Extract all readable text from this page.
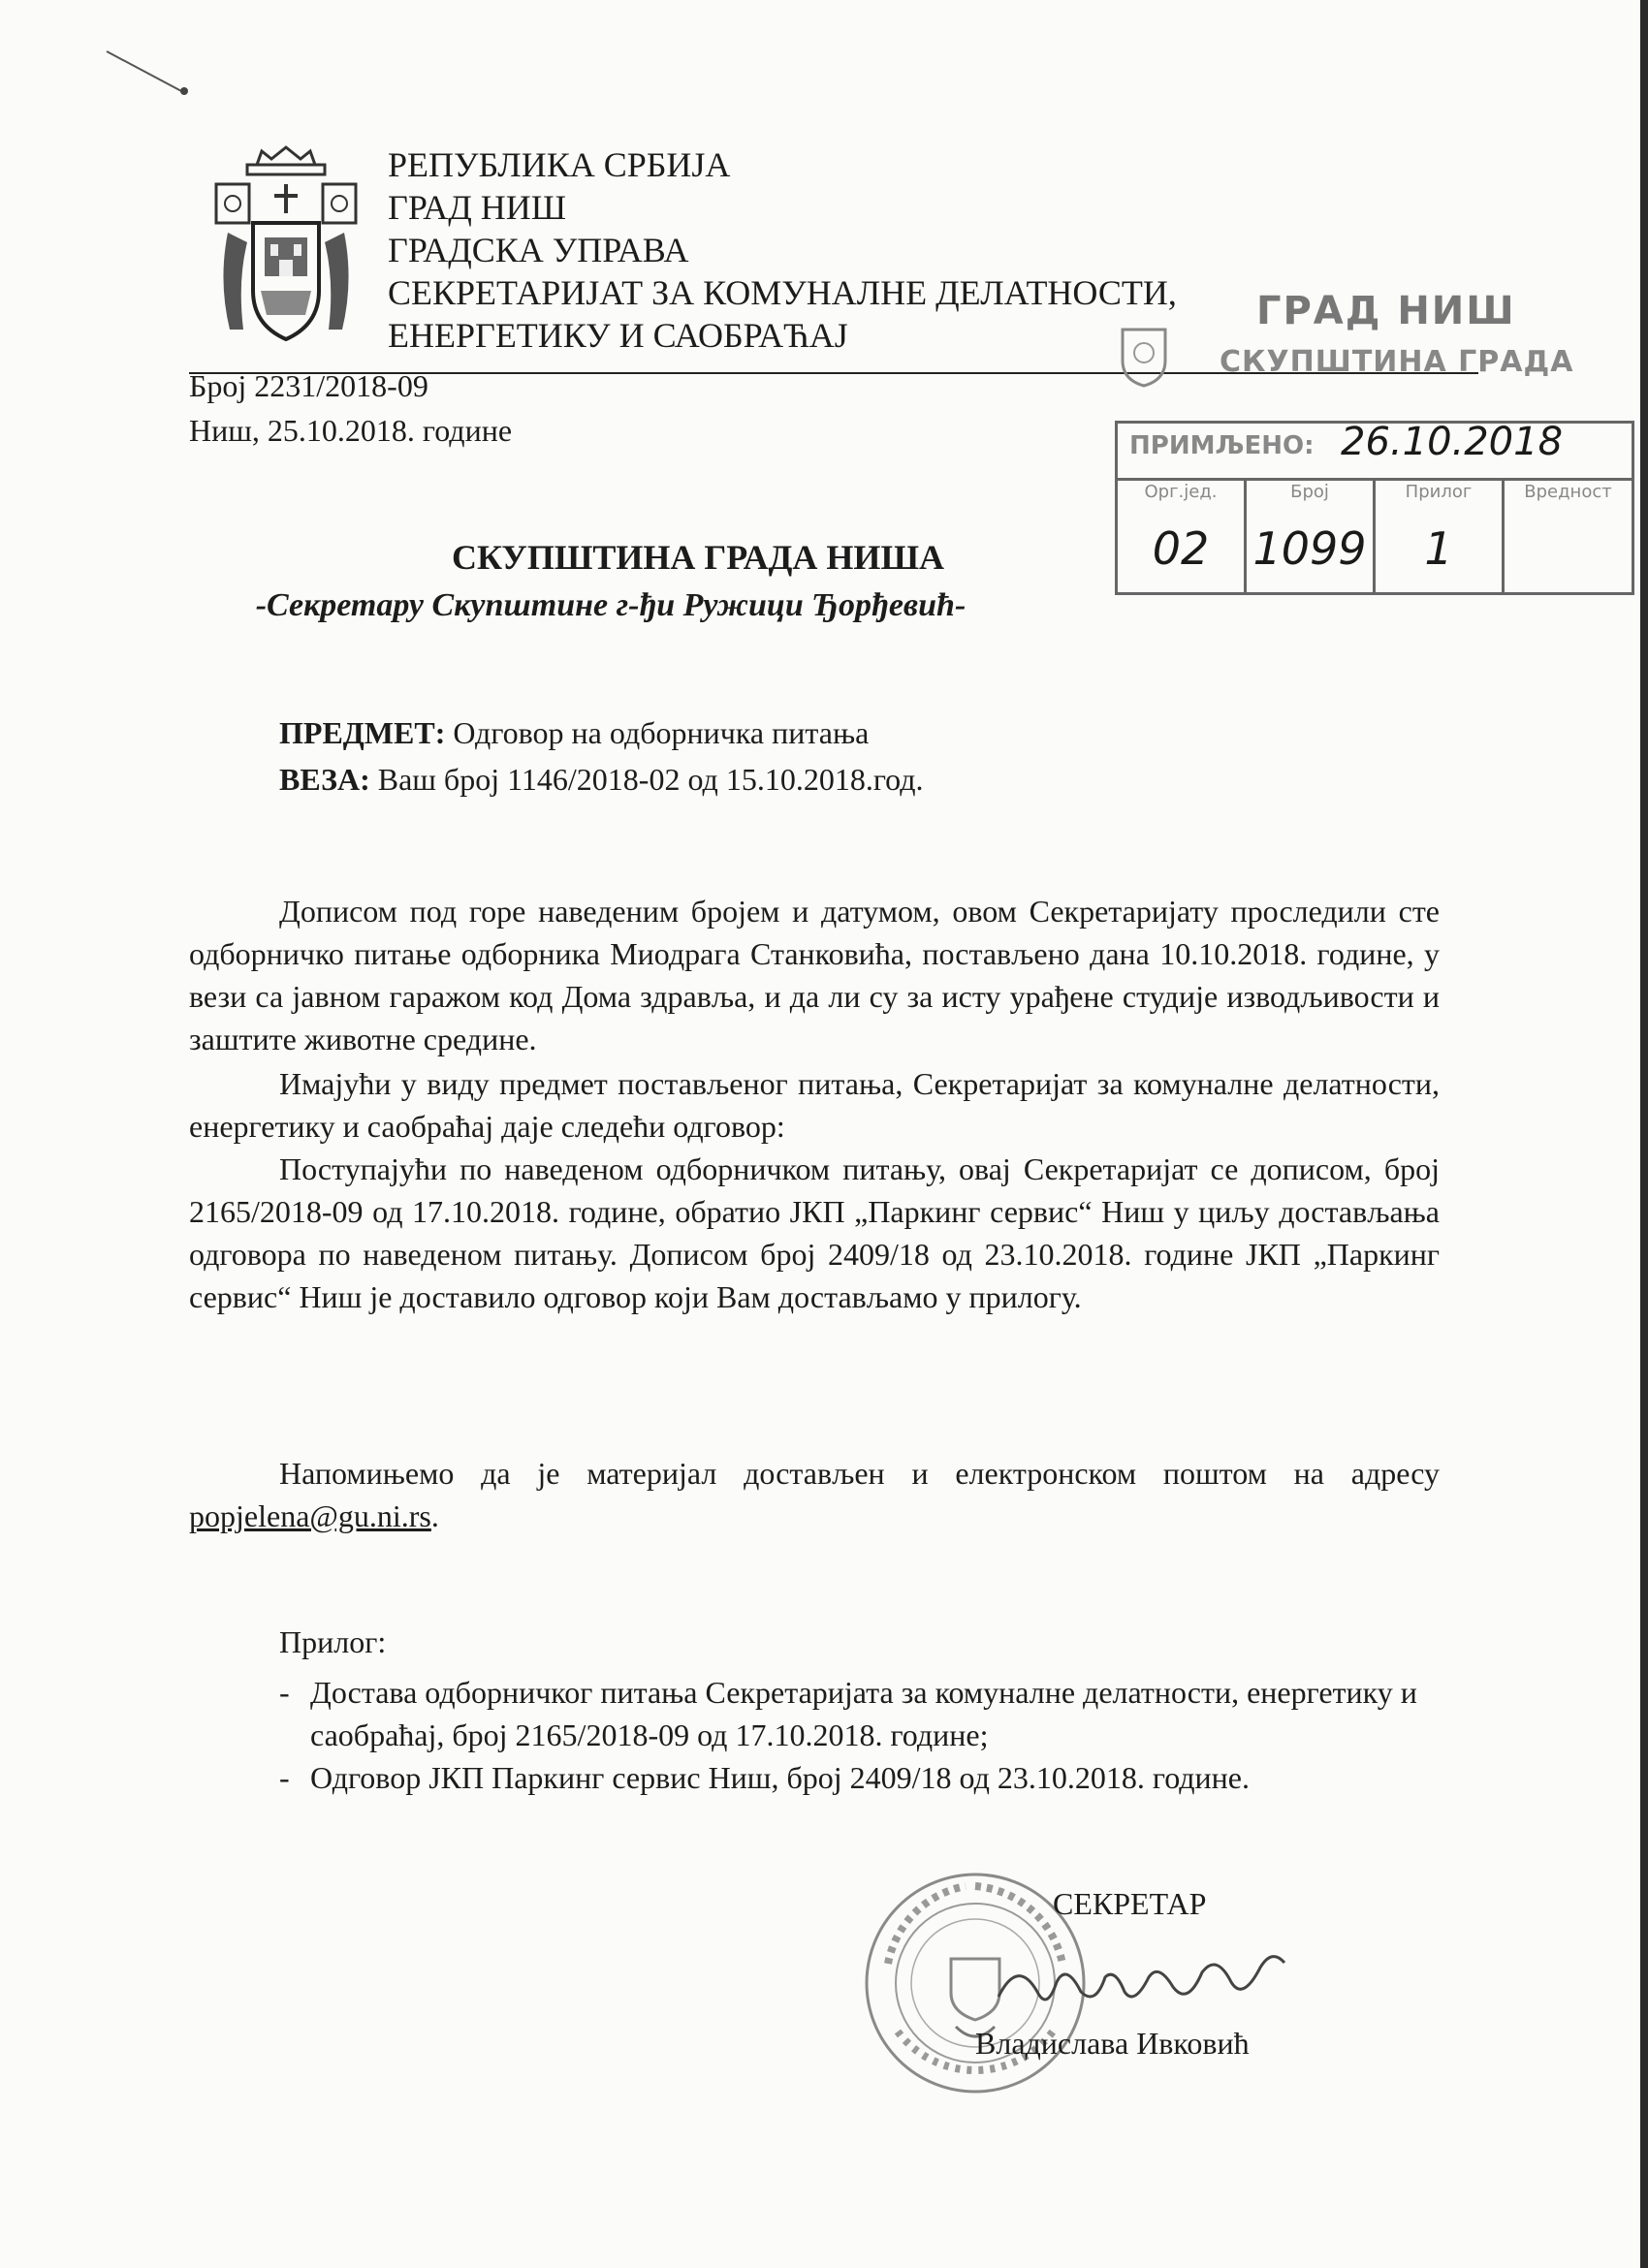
РЕПУБЛИКА СРБИЈА
ГРАД НИШ
ГРАДСКА УПРАВА
СЕКРЕТАРИЈАТ ЗА КОМУНАЛНЕ ДЕЛАТНОСТИ,
ЕНЕРГЕТИКУ И САОБРАЋАЈ
Број 2231/2018-09
Ниш, 25.10.2018. године
ГРАД НИШ
СКУПШТИНА ГРАДА
ПРИМЉЕНО: 26.10.2018
Орг.јед.
02
Број
1099
Прилог
1
Вредност
СКУПШТИНА ГРАДА НИША
-Секретару Скупштине г-ђи Ружици Ђорђевић-
ПРЕДМЕТ: Одговор на одборничка питања
ВЕЗА: Ваш број 1146/2018-02 од 15.10.2018.год.

Дописом под горе наведеним бројем и датумом, овом Секретаријату проследили сте одборничко питање одборника Миодрага Станковића, постављено дана 10.10.2018. године, у вези са јавном гаражом код Дома здравља, и да ли су за исту урађене студије изводљивости и заштите животне средине.

Имајући у виду предмет постављеног питања, Секретаријат за комуналне делатности, енергетику и саобраћај даје следећи одговор:

Поступајући по наведеном одборничком питању, овај Секретаријат се дописом, број 2165/2018-09 од 17.10.2018. године, обратио ЈКП „Паркинг сервис“ Ниш у циљу достављања одговора по наведеном питању. Дописом број 2409/18 од 23.10.2018. године ЈКП „Паркинг сервис“ Ниш је доставило одговор који Вам достављамо у прилогу.

Напомињемо да је материјал достављен и електронском поштом на адресу popjelena@gu.ni.rs.

Прилог:
- Достава одборничког питања Секретаријата за комуналне делатности, енергетику и саобраћај, број 2165/2018-09 од 17.10.2018. године;
- Одговор ЈКП Паркинг сервис Ниш, број 2409/18 од 23.10.2018. године.
СЕКРЕТАР
Владислава Ивковић
